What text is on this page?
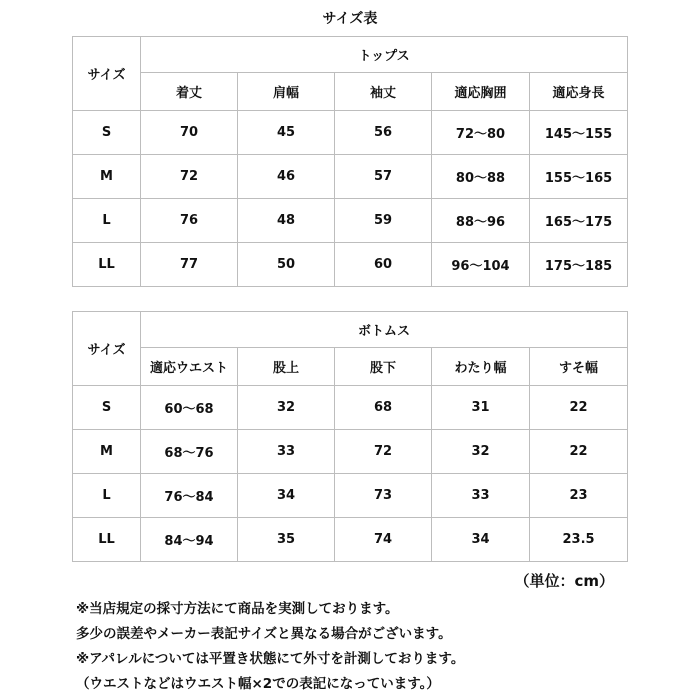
サイズ表
サイズ	トップス				
	着丈	肩幅	袖丈	適応胸囲	適応身長
S	70	45	56	72～80	145～155
M	72	46	57	80～88	155～165
L	76	48	59	88～96	165～175
LL	77	50	60	96～104	175～185
サイズ	ボトムス				
	適応ウエスト	股上	股下	わたり幅	すそ幅
S	60～68	32	68	31	22
M	68～76	33	72	32	22
L	76～84	34	73	33	23
LL	84～94	35	74	34	23.5
（単位：cm）
※当店規定の採寸方法にて商品を実測しております。
多少の誤差やメーカー表記サイズと異なる場合がございます。
※アパレルについては平置き状態にて外寸を計測しております。
（ウエストなどはウエスト幅×2での表記になっています。）
